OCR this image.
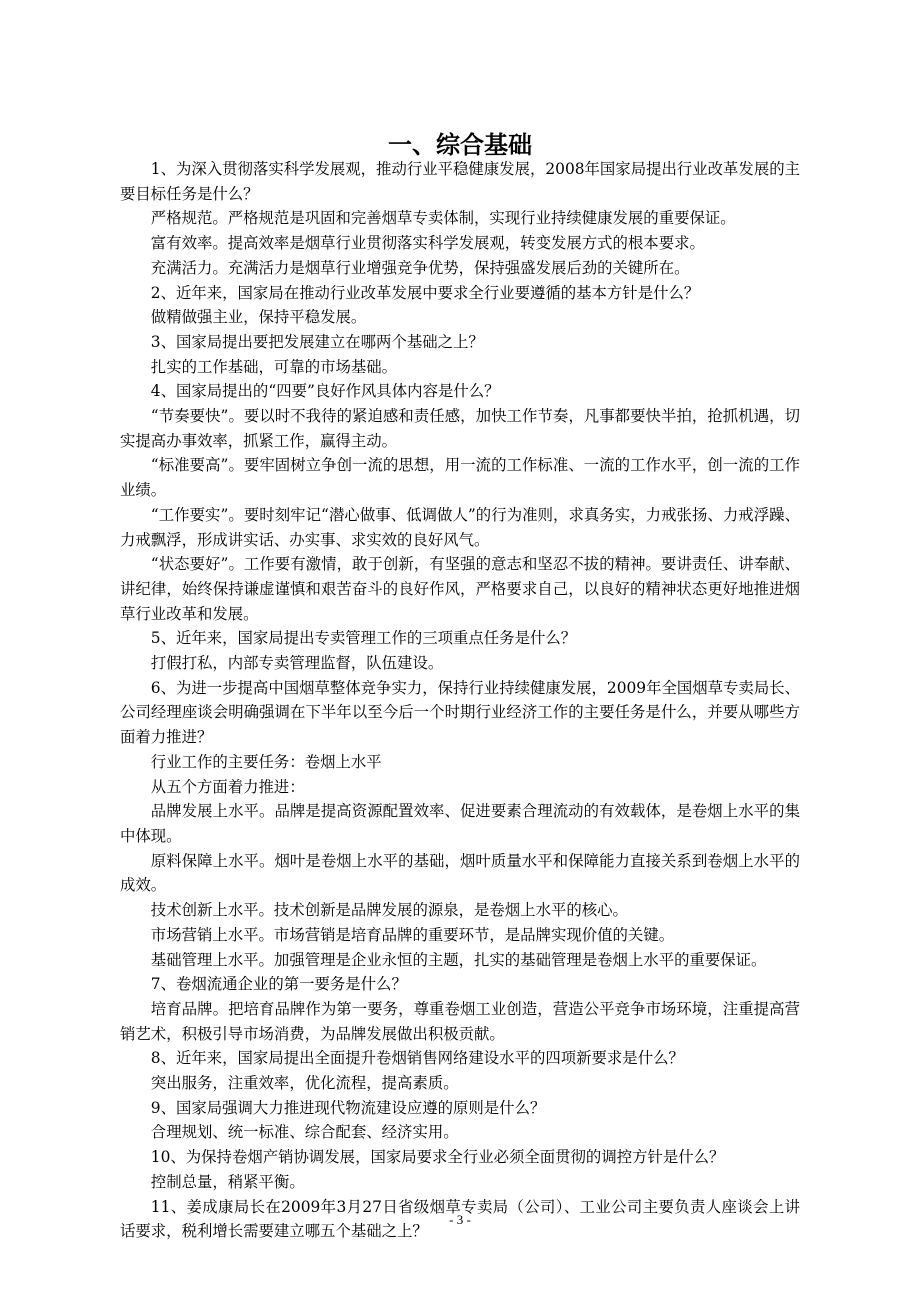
一、综合基础

1、为深入贯彻落实科学发展观，推动行业平稳健康发展，2008年国家局提出行业改革发展的主要目标任务是什么？

严格规范。严格规范是巩固和完善烟草专卖体制，实现行业持续健康发展的重要保证。

富有效率。提高效率是烟草行业贯彻落实科学发展观，转变发展方式的根本要求。

充满活力。充满活力是烟草行业增强竞争优势，保持强盛发展后劲的关键所在。

2、近年来，国家局在推动行业改革发展中要求全行业要遵循的基本方针是什么？

做精做强主业，保持平稳发展。

3、国家局提出要把发展建立在哪两个基础之上？

扎实的工作基础，可靠的市场基础。

4、国家局提出的“四要”良好作风具体内容是什么？

“节奏要快”。要以时不我待的紧迫感和责任感，加快工作节奏，凡事都要快半拍，抢抓机遇，切实提高办事效率，抓紧工作，赢得主动。

“标准要高”。要牢固树立争创一流的思想，用一流的工作标准、一流的工作水平，创一流的工作业绩。

“工作要实”。要时刻牢记“潜心做事、低调做人”的行为准则，求真务实，力戒张扬、力戒浮躁、力戒飘浮，形成讲实话、办实事、求实效的良好风气。

“状态要好”。工作要有激情，敢于创新，有坚强的意志和坚忍不拔的精神。要讲责任、讲奉献、讲纪律，始终保持谦虚谨慎和艰苦奋斗的良好作风，严格要求自己，以良好的精神状态更好地推进烟草行业改革和发展。

5、近年来，国家局提出专卖管理工作的三项重点任务是什么？

打假打私，内部专卖管理监督，队伍建设。

6、为进一步提高中国烟草整体竞争实力，保持行业持续健康发展，2009年全国烟草专卖局长、公司经理座谈会明确强调在下半年以至今后一个时期行业经济工作的主要任务是什么，并要从哪些方面着力推进？

行业工作的主要任务：卷烟上水平

从五个方面着力推进：

品牌发展上水平。品牌是提高资源配置效率、促进要素合理流动的有效载体，是卷烟上水平的集中体现。

原料保障上水平。烟叶是卷烟上水平的基础，烟叶质量水平和保障能力直接关系到卷烟上水平的成效。

技术创新上水平。技术创新是品牌发展的源泉，是卷烟上水平的核心。

市场营销上水平。市场营销是培育品牌的重要环节，是品牌实现价值的关键。

基础管理上水平。加强管理是企业永恒的主题，扎实的基础管理是卷烟上水平的重要保证。

7、卷烟流通企业的第一要务是什么？

培育品牌。把培育品牌作为第一要务，尊重卷烟工业创造，营造公平竞争市场环境，注重提高营销艺术，积极引导市场消费，为品牌发展做出积极贡献。

8、近年来，国家局提出全面提升卷烟销售网络建设水平的四项新要求是什么？

突出服务，注重效率，优化流程，提高素质。

9、国家局强调大力推进现代物流建设应遵的原则是什么？

合理规划、统一标准、综合配套、经济实用。

10、为保持卷烟产销协调发展，国家局要求全行业必须全面贯彻的调控方针是什么？

控制总量，稍紧平衡。

11、姜成康局长在2009年3月27日省级烟草专卖局（公司）、工业公司主要负责人座谈会上讲话要求，税利增长需要建立哪五个基础之上？

- 3 -
